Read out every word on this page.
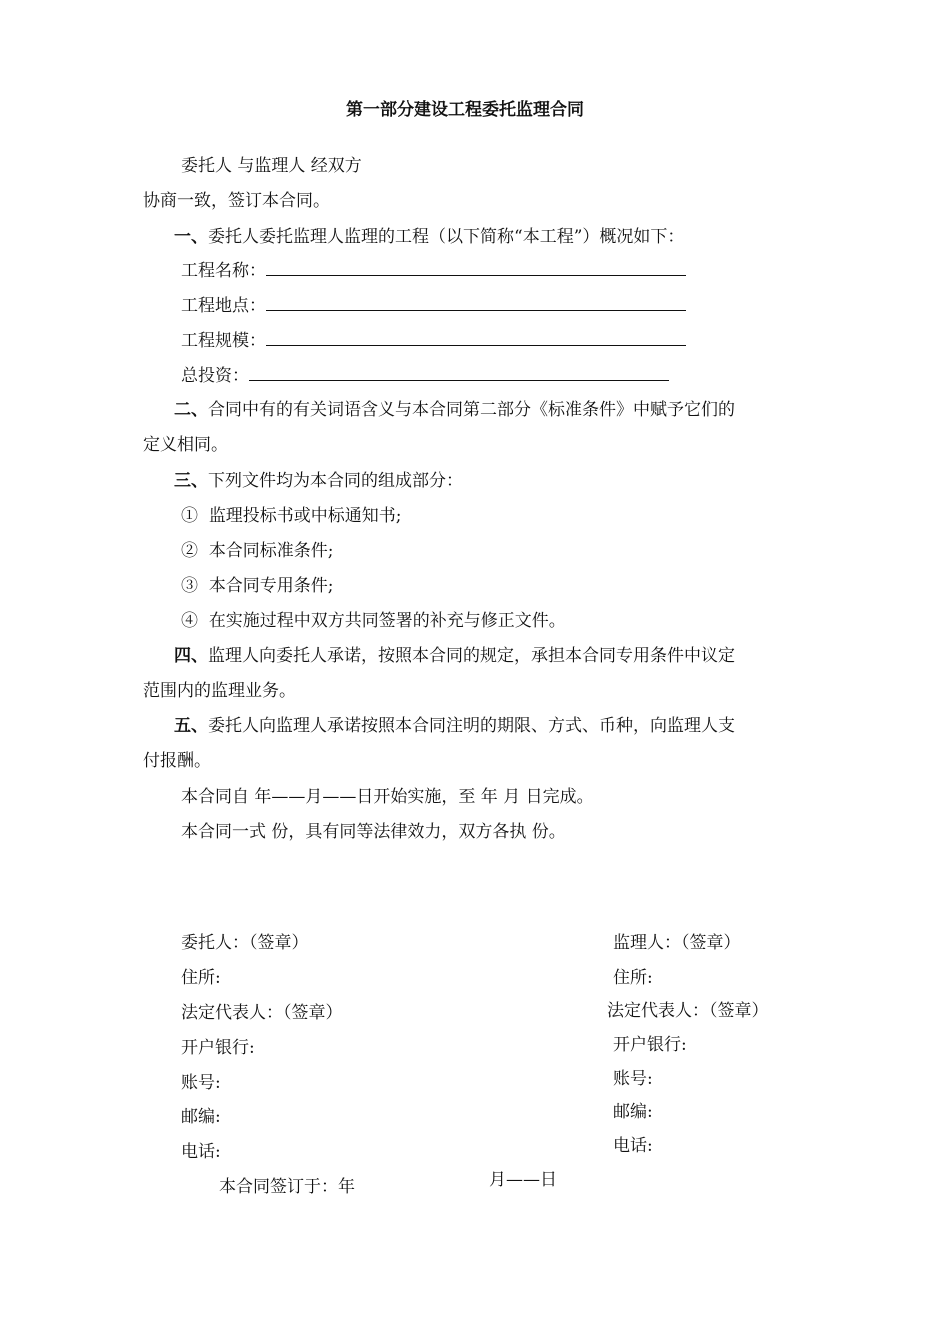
第一部分建设工程委托监理合同
委托人 与监理人 经双方
协商一致，签订本合同。
一、委托人委托监理人监理的工程（以下简称“本工程”）概况如下：
工程名称：
工程地点：
工程规模：
总投资：
二、合同中有的有关词语含义与本合同第二部分《标准条件》中赋予它们的
定义相同。
三、下列文件均为本合同的组成部分：
① 监理投标书或中标通知书;
② 本合同标准条件;
③ 本合同专用条件;
④ 在实施过程中双方共同签署的补充与修正文件。
四、监理人向委托人承诺，按照本合同的规定，承担本合同专用条件中议定
范围内的监理业务。
五、委托人向监理人承诺按照本合同注明的期限、方式、币种，向监理人支
付报酬。
本合同自 年——月——日开始实施，至 年 月 日完成。
本合同一式 份，具有同等法律效力，双方各执 份。
委托人：（签章）
住所:
法定代表人：（签章）
开户银行:
账号:
邮编:
电话:
监理人：（签章）
住所:
法定代表人：（签章）
开户银行:
账号:
邮编:
电话:
本合同签订于：年	月——日
